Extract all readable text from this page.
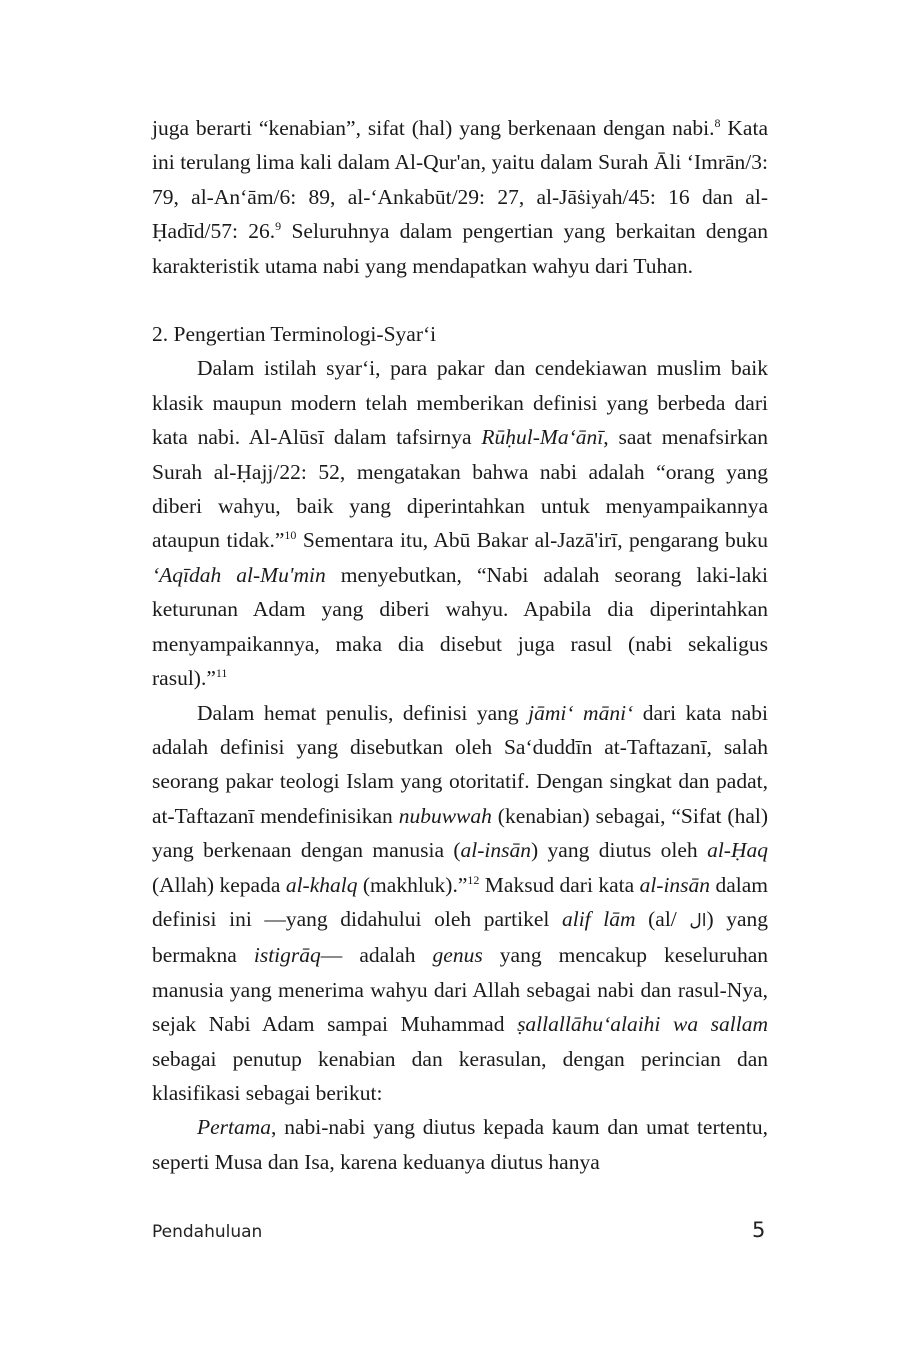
juga berarti “kenabian”, sifat (hal) yang berkenaan dengan nabi.$^8$ Kata ini terulang lima kali dalam Al-Qur'an, yaitu dalam Surah Āli ‘Imrān/3: 79, al-An‘ām/6: 89, al-‘Ankabūt/29: 27, al-Jāṡiyah/45: 16 dan al-Ḥadīd/57: 26.$^9$ Seluruhnya dalam pengertian yang berkaitan dengan karakteristik utama nabi yang mendapatkan wahyu dari Tuhan.

2. Pengertian Terminologi-Syar‘i

Dalam istilah syar‘i, para pakar dan cendekiawan muslim baik klasik maupun modern telah memberikan definisi yang berbeda dari kata nabi. Al-Alūsī dalam tafsirnya Rūḥul-Ma‘ānī, saat menafsirkan Surah al-Ḥajj/22: 52, mengatakan bahwa nabi adalah “orang yang diberi wahyu, baik yang diperintahkan untuk menyampaikannya ataupun tidak.”$^{10}$ Sementara itu, Abū Bakar al-Jazā'irī, pengarang buku ‘Aqīdah al-Mu'min menyebutkan, “Nabi adalah seorang laki-laki keturunan Adam yang diberi wahyu. Apabila dia diperintahkan menyampaikannya, maka dia disebut juga rasul (nabi sekaligus rasul).”$^{11}$

Dalam hemat penulis, definisi yang jāmi‘ māni‘ dari kata nabi adalah definisi yang disebutkan oleh Sa‘duddīn at-Taftazanī, salah seorang pakar teologi Islam yang otoritatif. Dengan singkat dan padat, at-Taftazanī mendefinisikan nubuwwah (kenabian) sebagai, “Sifat (hal) yang berkenaan dengan manusia (al-insān) yang diutus oleh al-Ḥaq (Allah) kepada al-khalq (makhluk).”$^{12}$ Maksud dari kata al-insān dalam definisi ini —yang didahului oleh partikel alif lām (al/ ال) yang bermakna istigrāq— adalah genus yang mencakup keseluruhan manusia yang menerima wahyu dari Allah sebagai nabi dan rasul-Nya, sejak Nabi Adam sampai Muhammad ṣallallāhu‘alaihi wa sallam sebagai penutup kenabian dan kerasulan, dengan perincian dan klasifikasi sebagai berikut:

Pertama, nabi-nabi yang diutus kepada kaum dan umat tertentu, seperti Musa dan Isa, karena keduanya diutus hanya

Pendahuluan	5
